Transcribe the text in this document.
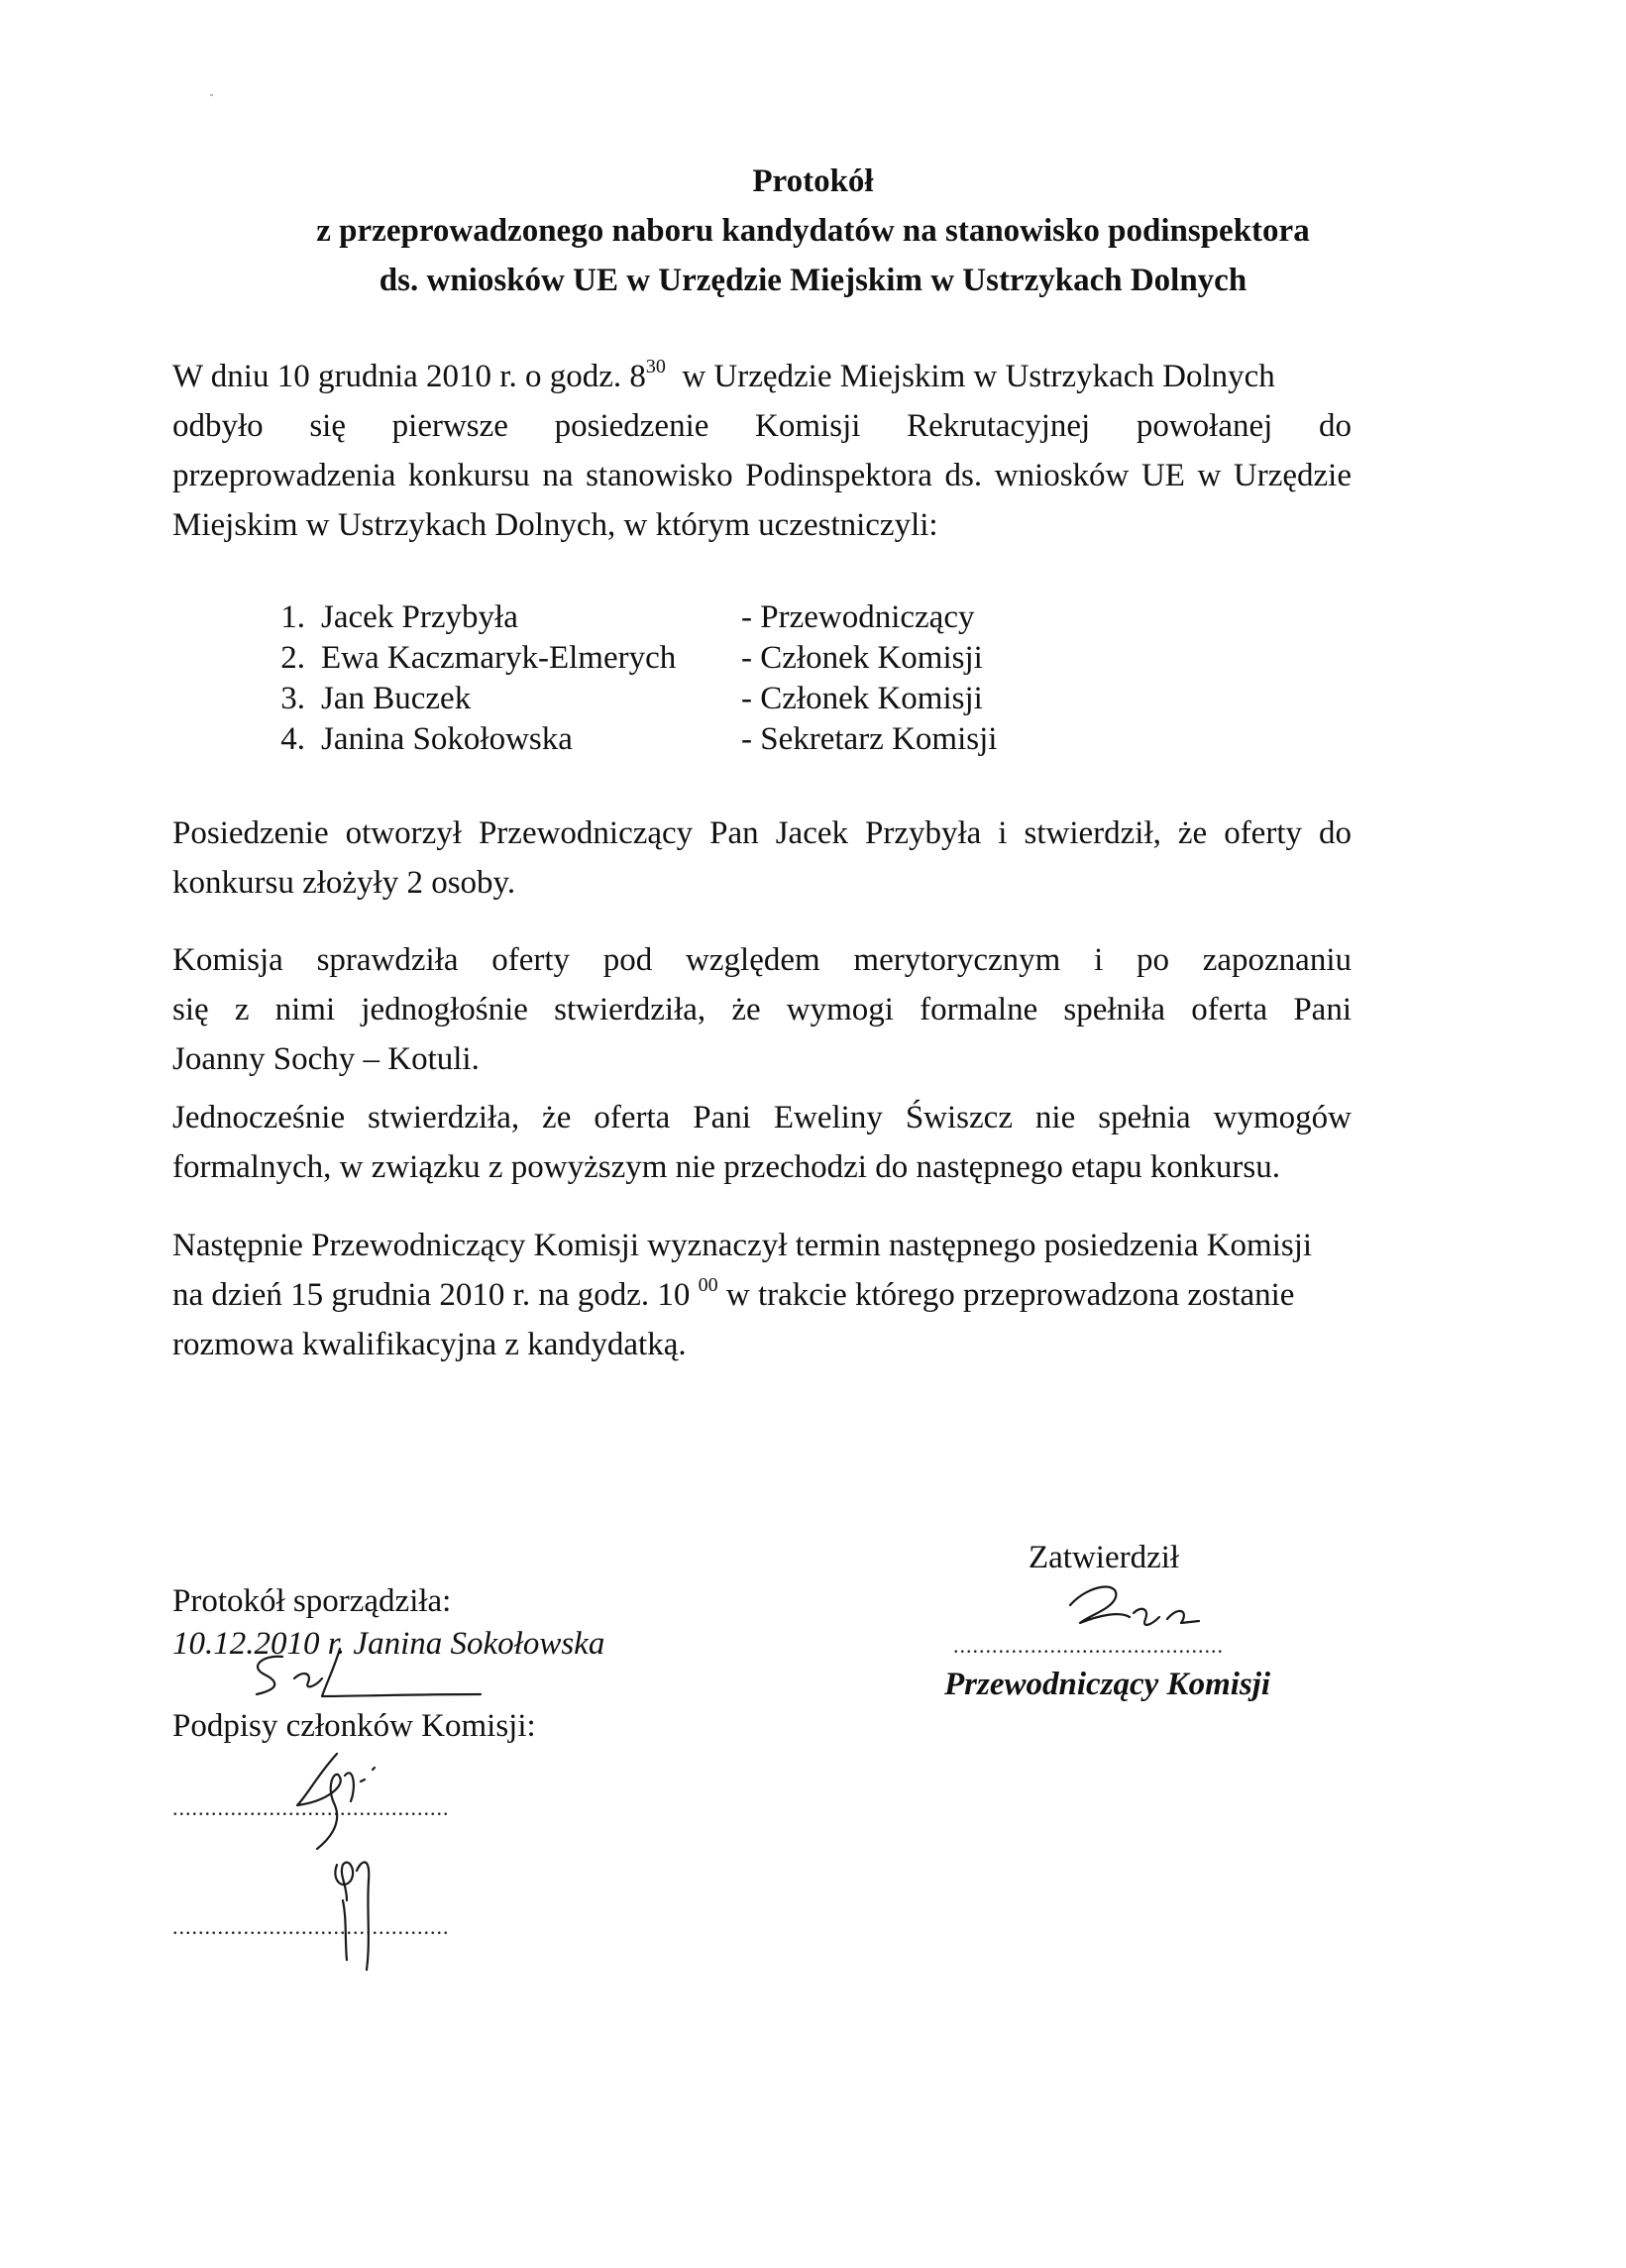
Protokół
z przeprowadzonego naboru kandydatów na stanowisko podinspektora
ds. wniosków UE w Urzędzie Miejskim w Ustrzykach Dolnych
W dniu 10 grudnia 2010 r. o godz. $8^{30}$ w Urzędzie Miejskim w Ustrzykach Dolnych
odbyło się pierwsze posiedzenie Komisji Rekrutacyjnej powołanej do
przeprowadzenia konkursu na stanowisko Podinspektora ds. wniosków UE w Urzędzie
Miejskim w Ustrzykach Dolnych, w którym uczestniczyli:
1. Jacek Przybyła	- Przewodniczący
2. Ewa Kaczmaryk-Elmerych - Członek Komisji
3. Jan Buczek	- Członek Komisji
4. Janina Sokołowska	- Sekretarz Komisji
Posiedzenie otworzył Przewodniczący Pan Jacek Przybyła i stwierdził, że oferty do
konkursu złożyły 2 osoby.
Komisja sprawdziła oferty pod względem merytorycznym i po zapoznaniu
się z nimi jednogłośnie stwierdziła, że wymogi formalne spełniła oferta Pani
Joanny Sochy – Kotuli.
Jednocześnie stwierdziła, że oferta Pani Eweliny Świszcz nie spełnia wymogów
formalnych, w związku z powyższym nie przechodzi do następnego etapu konkursu.
Następnie Przewodniczący Komisji wyznaczył termin następnego posiedzenia Komisji
na dzień 15 grudnia 2010 r. na godz. 10 $^{00}$ w trakcie którego przeprowadzona zostanie
rozmowa kwalifikacyjna z kandydatką.
Zatwierdził
Protokół sporządziła:
10.12.2010 r. Janina Sokołowska	..........................................
Przewodniczący Komisji
Podpisy członków Komisji:
...........................................
...........................................
